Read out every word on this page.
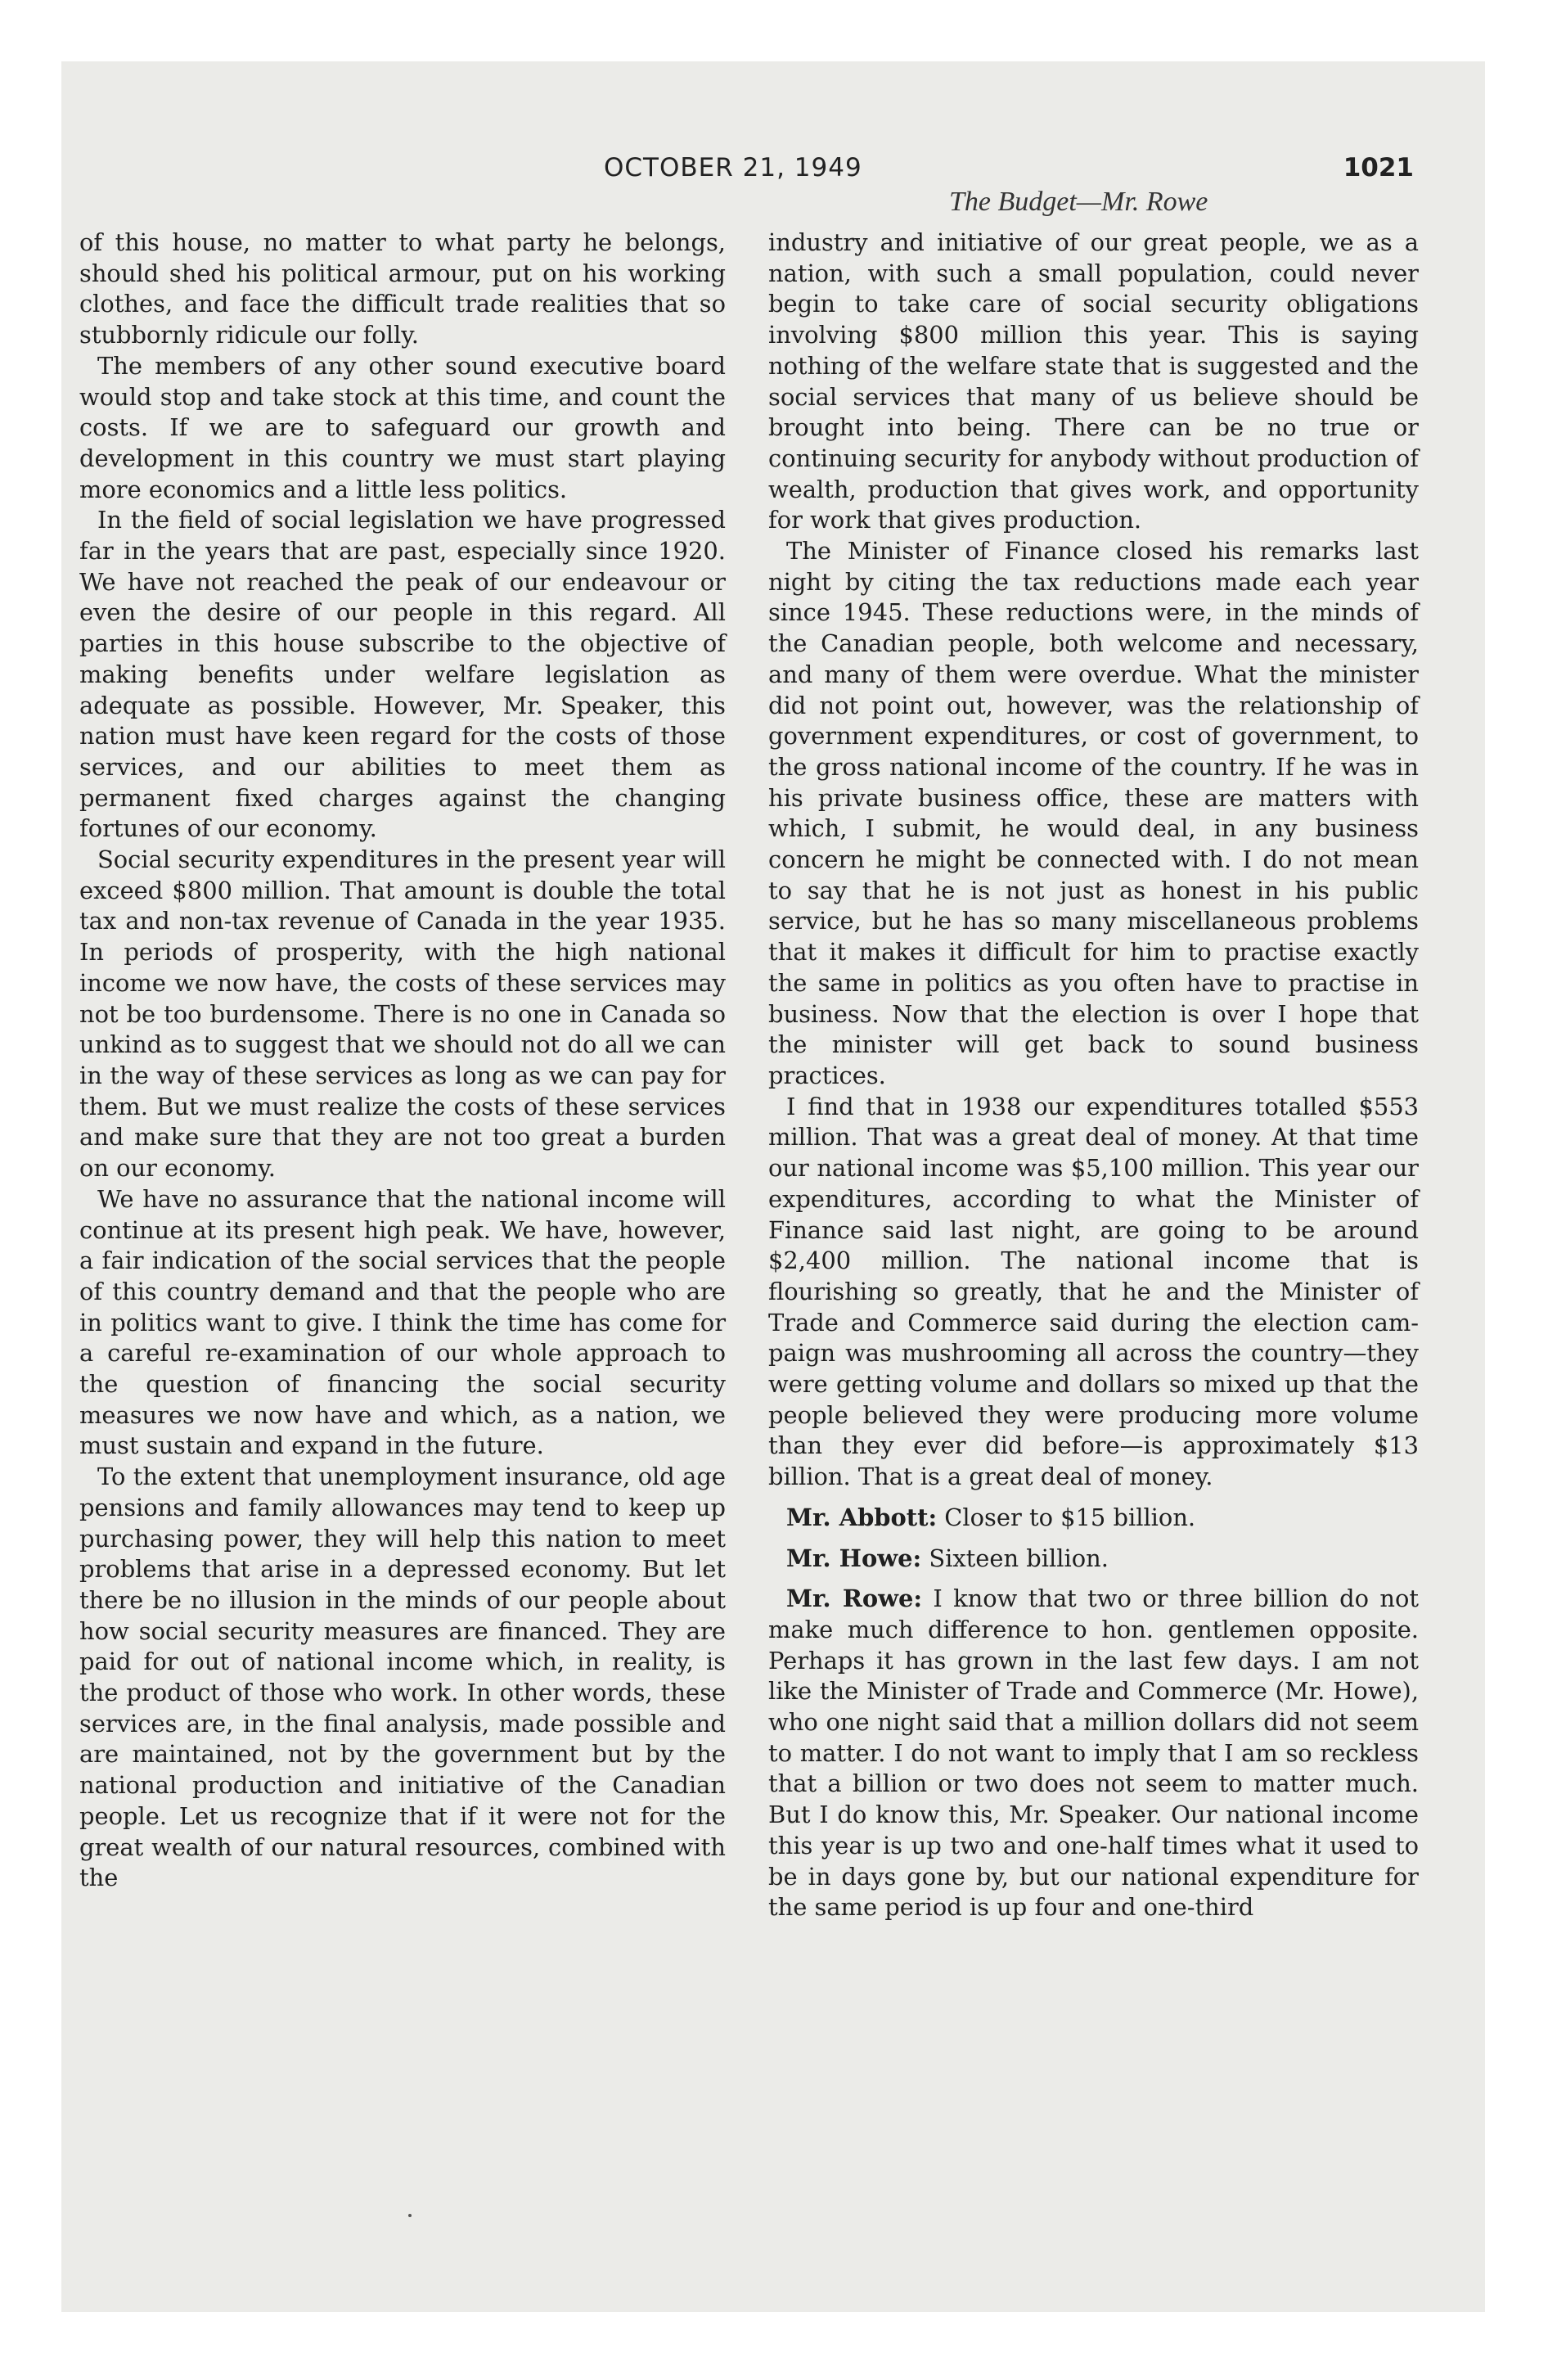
OCTOBER 21, 1949	1021
The Budget—Mr. Rowe

of this house, no matter to what party he belongs, should shed his political armour, put on his working clothes, and face the difficult trade realities that so stubbornly ridicule our folly.

The members of any other sound executive board would stop and take stock at this time, and count the costs. If we are to safeguard our growth and development in this country we must start playing more economics and a little less politics.

In the field of social legislation we have progressed far in the years that are past, especially since 1920. We have not reached the peak of our endeavour or even the desire of our people in this regard. All parties in this house subscribe to the objective of making benefits under welfare legislation as adequate as possible. However, Mr. Speaker, this nation must have keen regard for the costs of those services, and our abilities to meet them as permanent fixed charges against the changing fortunes of our economy.

Social security expenditures in the present year will exceed $800 million. That amount is double the total tax and non-tax revenue of Canada in the year 1935. In periods of prosperity, with the high national income we now have, the costs of these services may not be too burdensome. There is no one in Canada so unkind as to suggest that we should not do all we can in the way of these services as long as we can pay for them. But we must realize the costs of these services and make sure that they are not too great a burden on our economy.

We have no assurance that the national income will continue at its present high peak. We have, however, a fair indication of the social services that the people of this country demand and that the people who are in politics want to give. I think the time has come for a careful re-examination of our whole approach to the question of financing the social security measures we now have and which, as a nation, we must sustain and expand in the future.

To the extent that unemployment insurance, old age pensions and family allowances may tend to keep up purchasing power, they will help this nation to meet problems that arise in a depressed economy. But let there be no illusion in the minds of our people about how social security measures are financed. They are paid for out of national income which, in reality, is the product of those who work. In other words, these services are, in the final analysis, made possible and are maintained, not by the government but by the national production and initiative of the Canadian people. Let us recognize that if it were not for the great wealth of our natural resources, combined with the

industry and initiative of our great people, we as a nation, with such a small population, could never begin to take care of social security obligations involving $800 million this year. This is saying nothing of the welfare state that is suggested and the social services that many of us believe should be brought into being. There can be no true or continuing security for anybody without production of wealth, production that gives work, and opportunity for work that gives production.

The Minister of Finance closed his remarks last night by citing the tax reductions made each year since 1945. These reductions were, in the minds of the Canadian people, both welcome and necessary, and many of them were overdue. What the minister did not point out, however, was the relationship of government expenditures, or cost of government, to the gross national income of the country. If he was in his private business office, these are matters with which, I submit, he would deal, in any business concern he might be connected with. I do not mean to say that he is not just as honest in his public service, but he has so many miscellaneous problems that it makes it difficult for him to practise exactly the same in politics as you often have to practise in business. Now that the election is over I hope that the minister will get back to sound business practices.

I find that in 1938 our expenditures totalled $553 million. That was a great deal of money. At that time our national income was $5,100 million. This year our expenditures, according to what the Minister of Finance said last night, are going to be around $2,400 million. The national income that is flourishing so greatly, that he and the Minister of Trade and Commerce said during the election campaign was mushrooming all across the country—they were getting volume and dollars so mixed up that the people believed they were producing more volume than they ever did before—is approximately $13 billion. That is a great deal of money.

Mr. Abbott: Closer to $15 billion.

Mr. Howe: Sixteen billion.

Mr. Rowe: I know that two or three billion do not make much difference to hon. gentlemen opposite. Perhaps it has grown in the last few days. I am not like the Minister of Trade and Commerce (Mr. Howe), who one night said that a million dollars did not seem to matter. I do not want to imply that I am so reckless that a billion or two does not seem to matter much. But I do know this, Mr. Speaker. Our national income this year is up two and one-half times what it used to be in days gone by, but our national expenditure for the same period is up four and one-third
